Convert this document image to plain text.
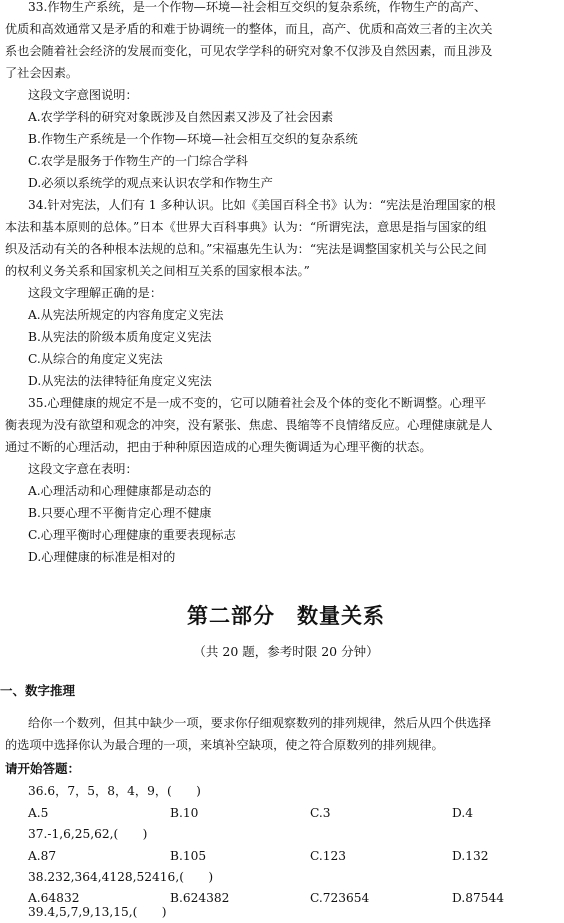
33.作物生产系统，是一个作物—环境—社会相互交织的复杂系统，作物生产的高产、
优质和高效通常又是矛盾的和难于协调统一的整体，而且，高产、优质和高效三者的主次关
系也会随着社会经济的发展而变化，可见农学学科的研究对象不仅涉及自然因素，而且涉及
了社会因素。
这段文字意图说明：
A.农学学科的研究对象既涉及自然因素又涉及了社会因素
B.作物生产系统是一个作物—环境—社会相互交织的复杂系统
C.农学是服务于作物生产的一门综合学科
D.必须以系统学的观点来认识农学和作物生产
34.针对宪法，人们有 1 多种认识。比如《美国百科全书》认为：“宪法是治理国家的根
本法和基本原则的总体。”日本《世界大百科事典》认为：“所谓宪法，意思是指与国家的组
织及活动有关的各种根本法规的总和。”宋福惠先生认为：“宪法是调整国家机关与公民之间
的权利义务关系和国家机关之间相互关系的国家根本法。”
这段文字理解正确的是：
A.从宪法所规定的内容角度定义宪法
B.从宪法的阶级本质角度定义宪法
C.从综合的角度定义宪法
D.从宪法的法律特征角度定义宪法
35.心理健康的规定不是一成不变的，它可以随着社会及个体的变化不断调整。心理平
衡表现为没有欲望和观念的冲突，没有紧张、焦虑、畏缩等不良情绪反应。心理健康就是人
通过不断的心理活动，把由于种种原因造成的心理失衡调适为心理平衡的状态。
这段文字意在表明：
A.心理活动和心理健康都是动态的
B.只要心理不平衡肯定心理不健康
C.心理平衡时心理健康的重要表现标志
D.心理健康的标准是相对的
第二部分　数量关系
（共 20 题，参考时限 20 分钟）
一、数字推理
给你一个数列，但其中缺少一项，要求你仔细观察数列的排列规律，然后从四个供选择
的选项中选择你认为最合理的一项，来填补空缺项，使之符合原数列的排列规律。
请开始答题：
36.6，7，5，8，4，9，(　　)
A.5	B.10	C.3	D.4
37.-1,6,25,62,(　　)
A.87	B.105	C.123	D.132
38.232,364,4128,52416,(　　)
A.64832	B.624382	C.723654	D.87544
39.4,5,7,9,13,15,(　　)
